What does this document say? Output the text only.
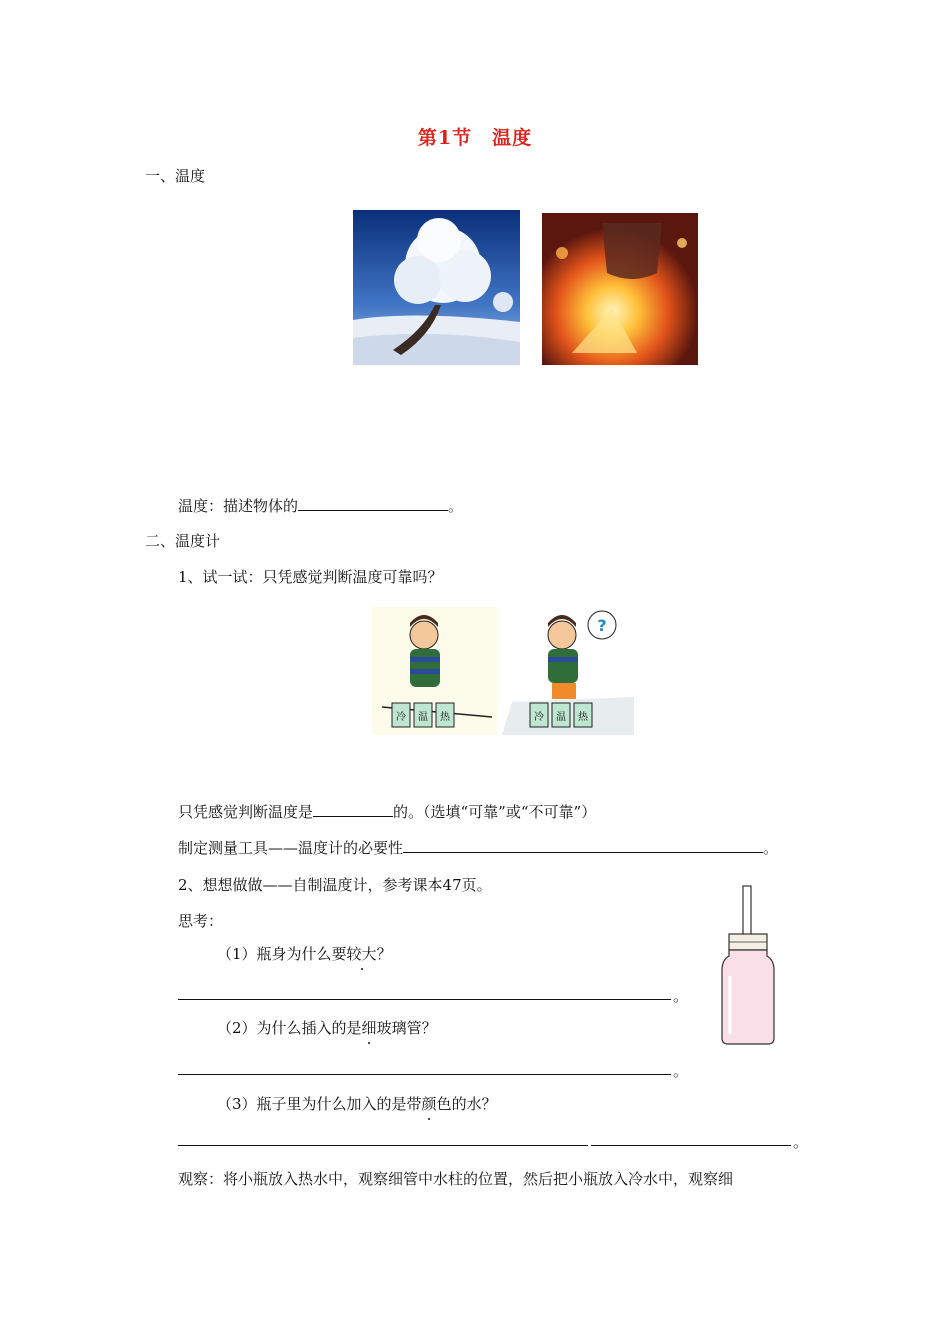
第1节　温度
一、温度
温度：描述物体的	。
二、温度计
1、试一试：只凭感觉判断温度可靠吗？
冷 温 热
?
冷 温 热
只凭感觉判断温度是	的。（选填“可靠”或“不可靠”）
制定测量工具——温度计的必要性	。
2、想想做做——自制温度计，参考课本47页。
思考：
（1）瓶身为什么要较大？
。
（2）为什么插入的是细玻璃管？
。
（3）瓶子里为什么加入的是带颜色的水？
。
观察：将小瓶放入热水中，观察细管中水柱的位置，然后把小瓶放入冷水中，观察细
